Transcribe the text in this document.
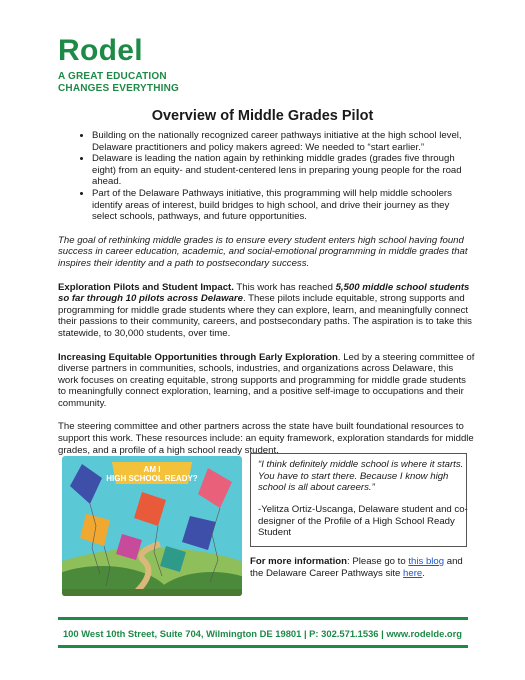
Rodel
A GREAT EDUCATION
CHANGES EVERYTHING
Overview of Middle Grades Pilot
• Building on the nationally recognized career pathways initiative at the high school level, Delaware practitioners and policy makers agreed: We needed to “start earlier.”
• Delaware is leading the nation again by rethinking middle grades (grades five through eight) from an equity- and student-centered lens in preparing young people for the road ahead.
• Part of the Delaware Pathways initiative, this programming will help middle schoolers identify areas of interest, build bridges to high school, and drive their journey as they select schools, pathways, and future opportunities.

The goal of rethinking middle grades is to ensure every student enters high school having found success in career education, academic, and social-emotional programming in middle grades that inspires their identity and a path to postsecondary success.

Exploration Pilots and Student Impact. This work has reached 5,500 middle school students so far through 10 pilots across Delaware. These pilots include equitable, strong supports and programming for middle grade students where they can explore, learn, and meaningfully connect their passions to their community, careers, and postsecondary paths. The aspiration is to take this statewide, to 30,000 students, over time.

Increasing Equitable Opportunities through Early Exploration. Led by a steering committee of diverse partners in communities, schools, industries, and organizations across Delaware, this work focuses on creating equitable, strong supports and programming for middle grade students to meaningfully connect exploration, learning, and a positive self-image to occupations and their community.

The steering committee and other partners across the state have built foundational resources to support this work. These resources include: an equity framework, exploration standards for middle grades, and a profile of a high school ready student.

AM I
HIGH SCHOOL READY?
“I think definitely middle school is where it starts. You have to start there. Because I know high school is all about careers.”
-Yelitza Ortiz-Uscanga, Delaware student and co-designer of the Profile of a High School Ready Student
For more information: Please go to this blog and the Delaware Career Pathways site here.
100 West 10th Street, Suite 704, Wilmington DE 19801 | P: 302.571.1536 | www.rodelde.org
